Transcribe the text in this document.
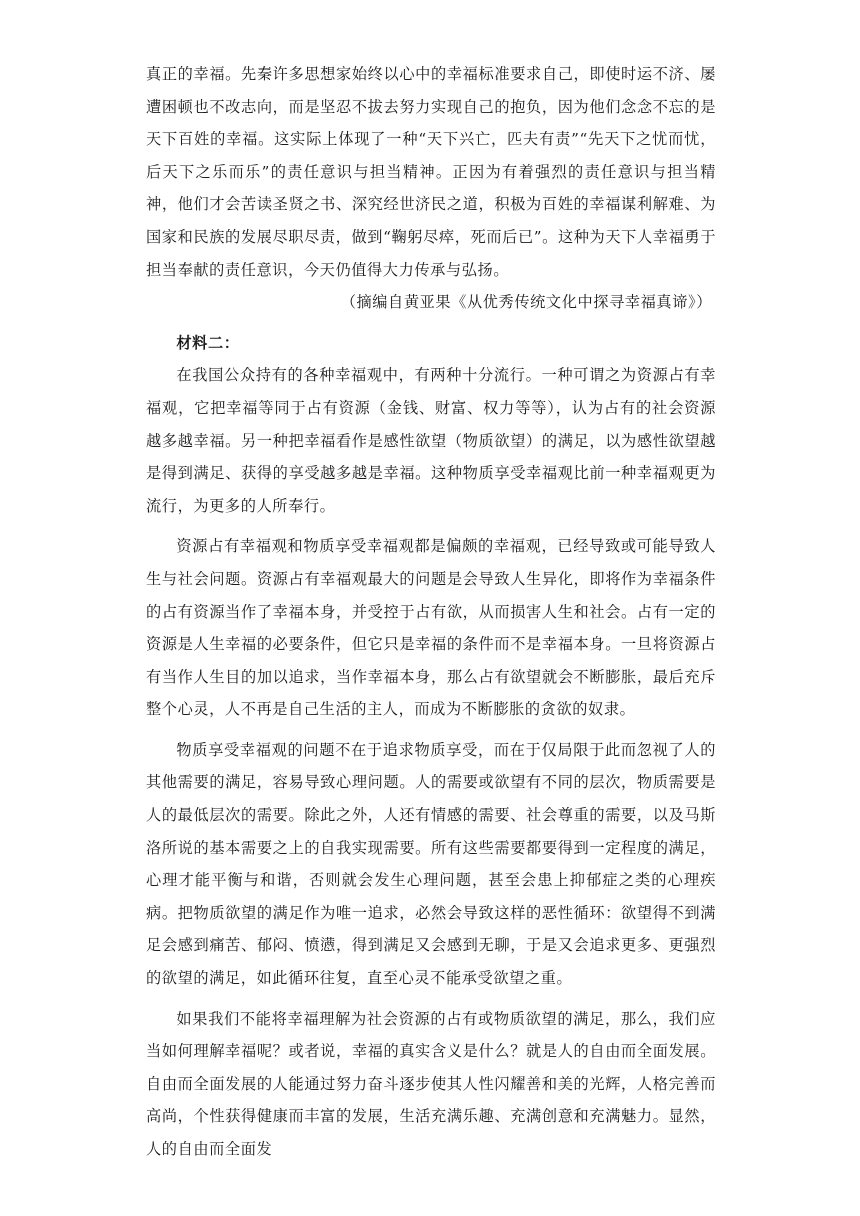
真正的幸福。先秦许多思想家始终以心中的幸福标准要求自己，即使时运不济、屡遭困顿也不改志向，而是坚忍不拔去努力实现自己的抱负，因为他们念念不忘的是天下百姓的幸福。这实际上体现了一种“天下兴亡，匹夫有责”“先天下之忧而忧，后天下之乐而乐”的责任意识与担当精神。正因为有着强烈的责任意识与担当精神，他们才会苦读圣贤之书、深究经世济民之道，积极为百姓的幸福谋利解难、为国家和民族的发展尽职尽责，做到“鞠躬尽瘁，死而后已”。这种为天下人幸福勇于担当奉献的责任意识，今天仍值得大力传承与弘扬。

（摘编自黄亚果《从优秀传统文化中探寻幸福真谛》）

材料二：

在我国公众持有的各种幸福观中，有两种十分流行。一种可谓之为资源占有幸福观，它把幸福等同于占有资源（金钱、财富、权力等等），认为占有的社会资源越多越幸福。另一种把幸福看作是感性欲望（物质欲望）的满足，以为感性欲望越是得到满足、获得的享受越多越是幸福。这种物质享受幸福观比前一种幸福观更为流行，为更多的人所奉行。

资源占有幸福观和物质享受幸福观都是偏颇的幸福观，已经导致或可能导致人生与社会问题。资源占有幸福观最大的问题是会导致人生异化，即将作为幸福条件的占有资源当作了幸福本身，并受控于占有欲，从而损害人生和社会。占有一定的资源是人生幸福的必要条件，但它只是幸福的条件而不是幸福本身。一旦将资源占有当作人生目的加以追求，当作幸福本身，那么占有欲望就会不断膨胀，最后充斥整个心灵，人不再是自己生活的主人，而成为不断膨胀的贪欲的奴隶。

物质享受幸福观的问题不在于追求物质享受，而在于仅局限于此而忽视了人的其他需要的满足，容易导致心理问题。人的需要或欲望有不同的层次，物质需要是人的最低层次的需要。除此之外，人还有情感的需要、社会尊重的需要，以及马斯洛所说的基本需要之上的自我实现需要。所有这些需要都要得到一定程度的满足，心理才能平衡与和谐，否则就会发生心理问题，甚至会患上抑郁症之类的心理疾病。把物质欲望的满足作为唯一追求，必然会导致这样的恶性循环：欲望得不到满足会感到痛苦、郁闷、愤懑，得到满足又会感到无聊，于是又会追求更多、更强烈的欲望的满足，如此循环往复，直至心灵不能承受欲望之重。

如果我们不能将幸福理解为社会资源的占有或物质欲望的满足，那么，我们应当如何理解幸福呢？或者说，幸福的真实含义是什么？就是人的自由而全面发展。自由而全面发展的人能通过努力奋斗逐步使其人性闪耀善和美的光辉，人格完善而高尚，个性获得健康而丰富的发展，生活充满乐趣、充满创意和充满魅力。显然，人的自由而全面发
